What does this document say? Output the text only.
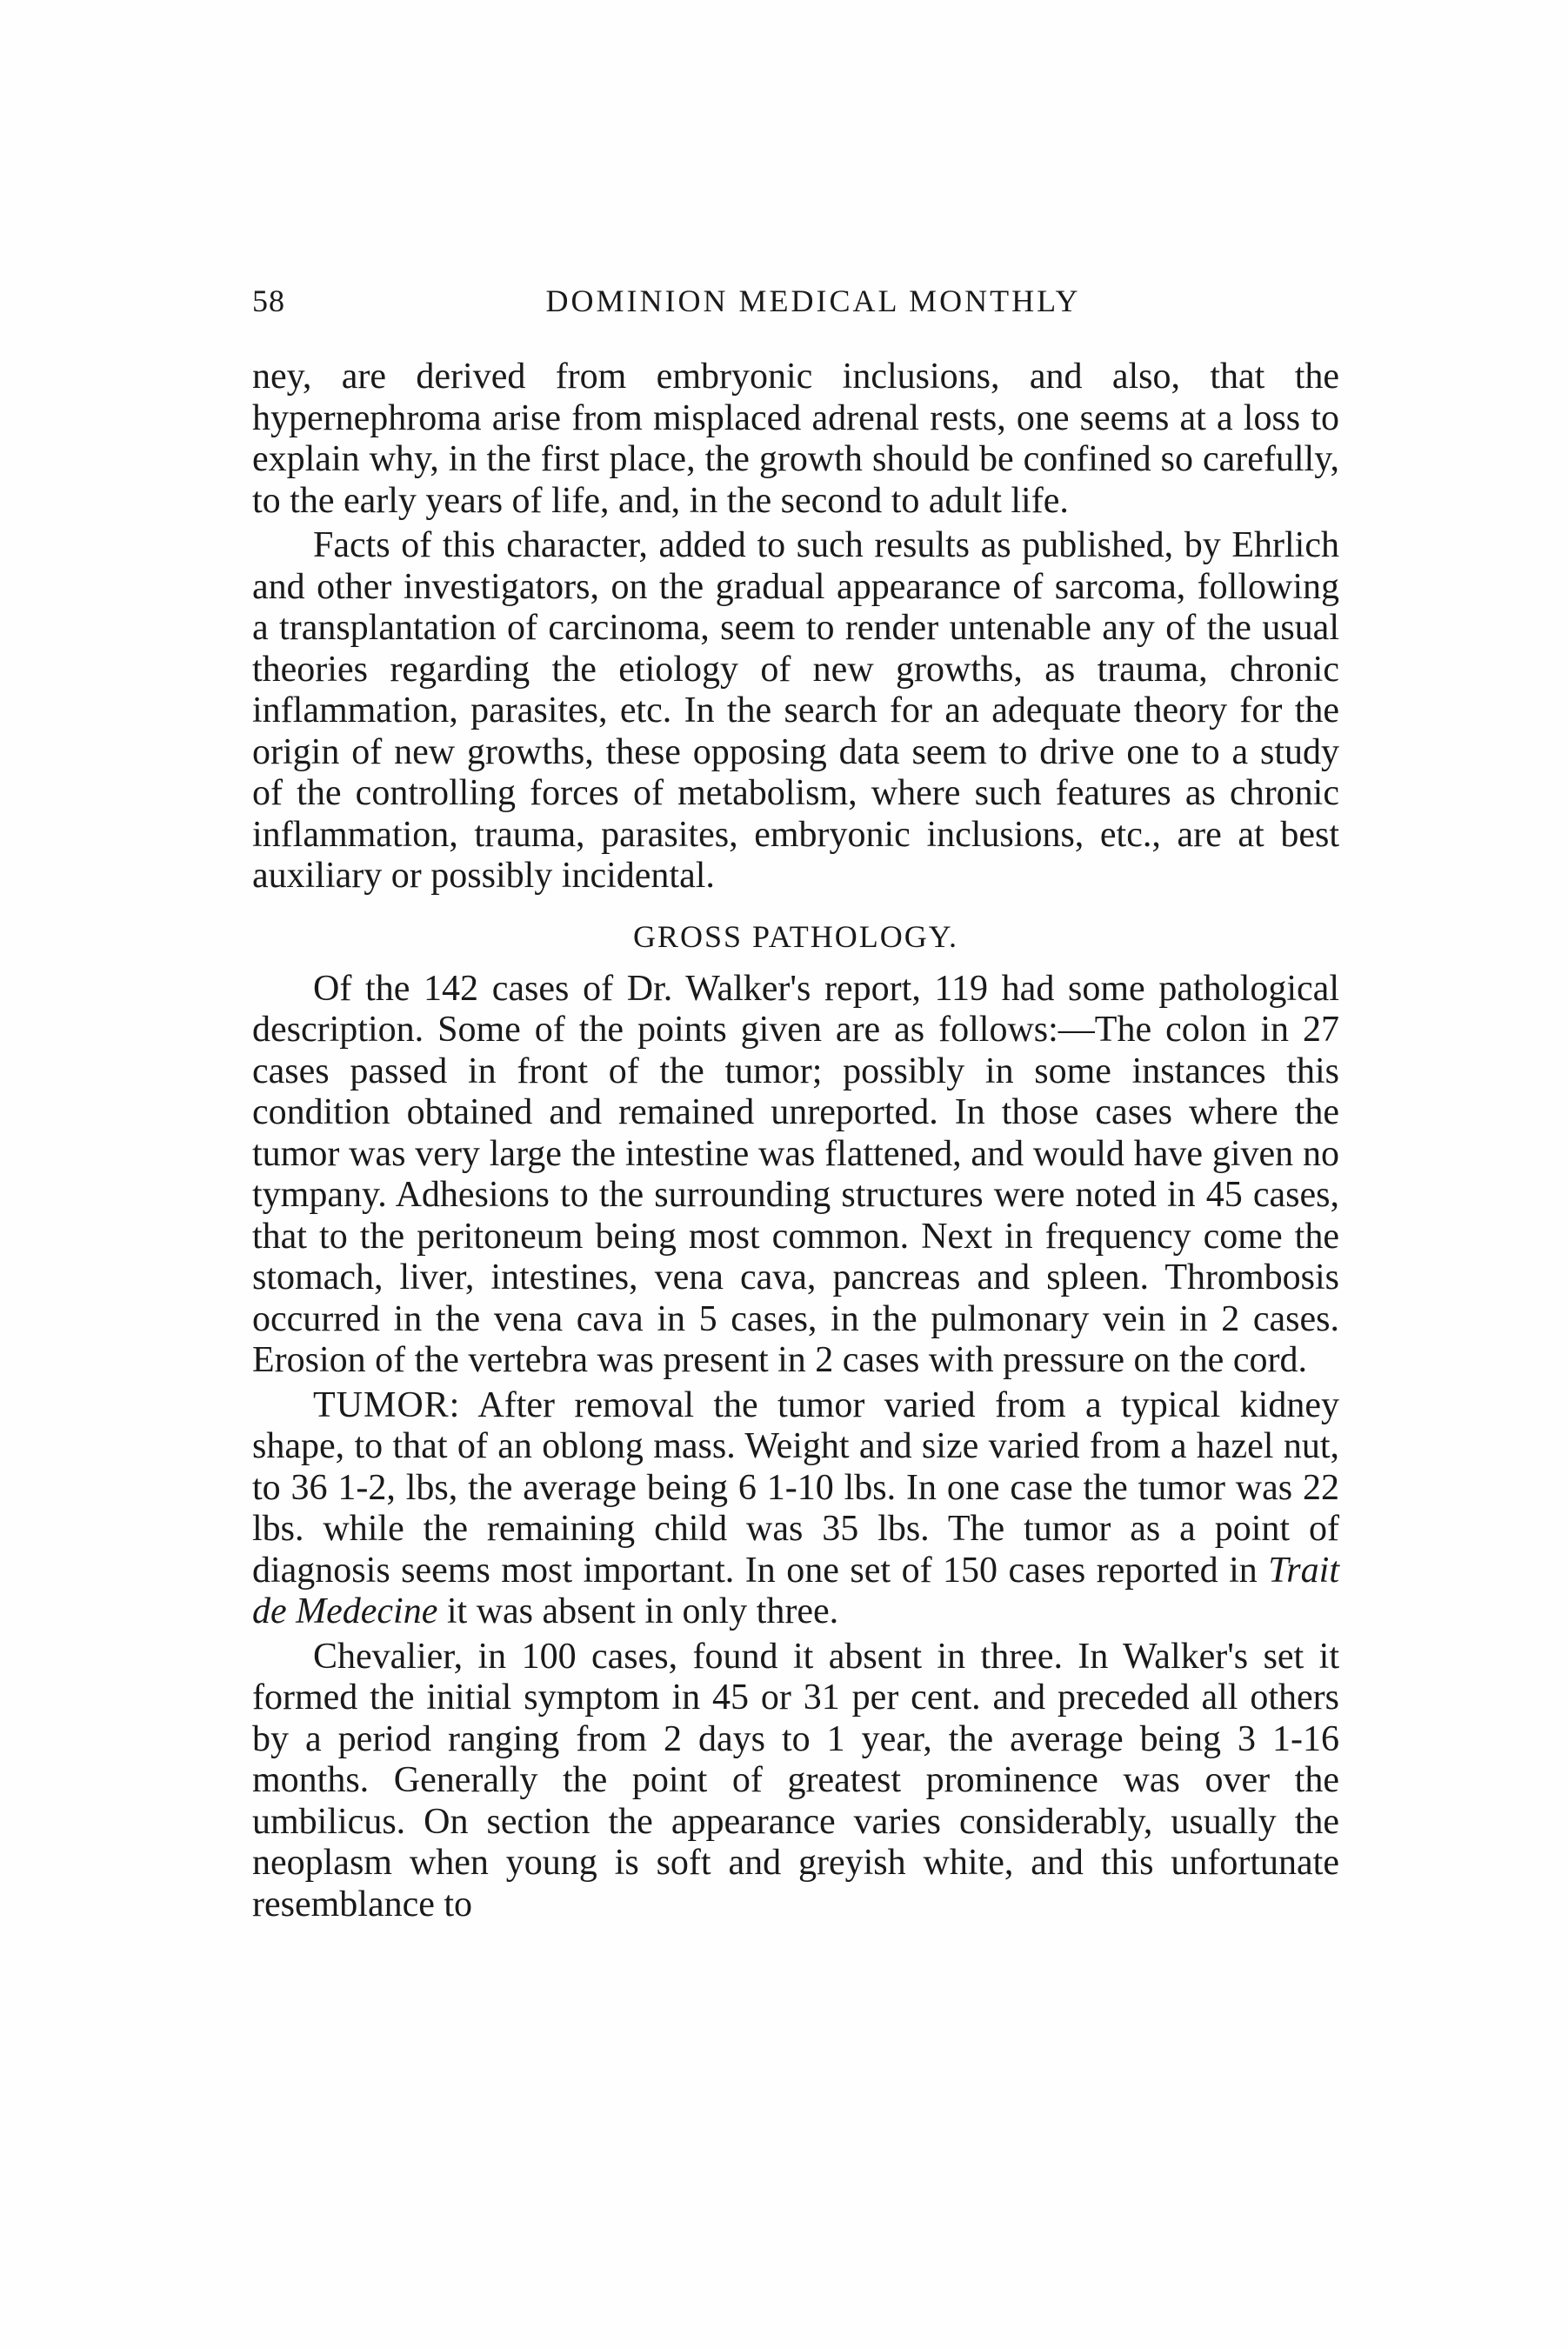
58	DOMINION MEDICAL MONTHLY

ney, are derived from embryonic inclusions, and also, that the hypernephroma arise from misplaced adrenal rests, one seems at a loss to explain why, in the first place, the growth should be confined so carefully, to the early years of life, and, in the second to adult life.

Facts of this character, added to such results as published, by Ehrlich and other investigators, on the gradual appearance of sarcoma, following a transplantation of carcinoma, seem to render untenable any of the usual theories regarding the etiology of new growths, as trauma, chronic inflammation, parasites, etc. In the search for an adequate theory for the origin of new growths, these opposing data seem to drive one to a study of the controlling forces of metabolism, where such features as chronic inflammation, trauma, parasites, embryonic inclusions, etc., are at best auxiliary or possibly incidental.

GROSS PATHOLOGY.

Of the 142 cases of Dr. Walker's report, 119 had some pathological description. Some of the points given are as follows:—The colon in 27 cases passed in front of the tumor; possibly in some instances this condition obtained and remained unreported. In those cases where the tumor was very large the intestine was flattened, and would have given no tympany. Adhesions to the surrounding structures were noted in 45 cases, that to the peritoneum being most common. Next in frequency come the stomach, liver, intestines, vena cava, pancreas and spleen. Thrombosis occurred in the vena cava in 5 cases, in the pulmonary vein in 2 cases. Erosion of the vertebra was present in 2 cases with pressure on the cord.

TUMOR: After removal the tumor varied from a typical kidney shape, to that of an oblong mass. Weight and size varied from a hazel nut, to 36 1-2, lbs, the average being 6 1-10 lbs. In one case the tumor was 22 lbs. while the remaining child was 35 lbs. The tumor as a point of diagnosis seems most important. In one set of 150 cases reported in Trait de Medecine it was absent in only three.

Chevalier, in 100 cases, found it absent in three. In Walker's set it formed the initial symptom in 45 or 31 per cent. and preceded all others by a period ranging from 2 days to 1 year, the average being 3 1-16 months. Generally the point of greatest prominence was over the umbilicus. On section the appearance varies considerably, usually the neoplasm when young is soft and greyish white, and this unfortunate resemblance to
